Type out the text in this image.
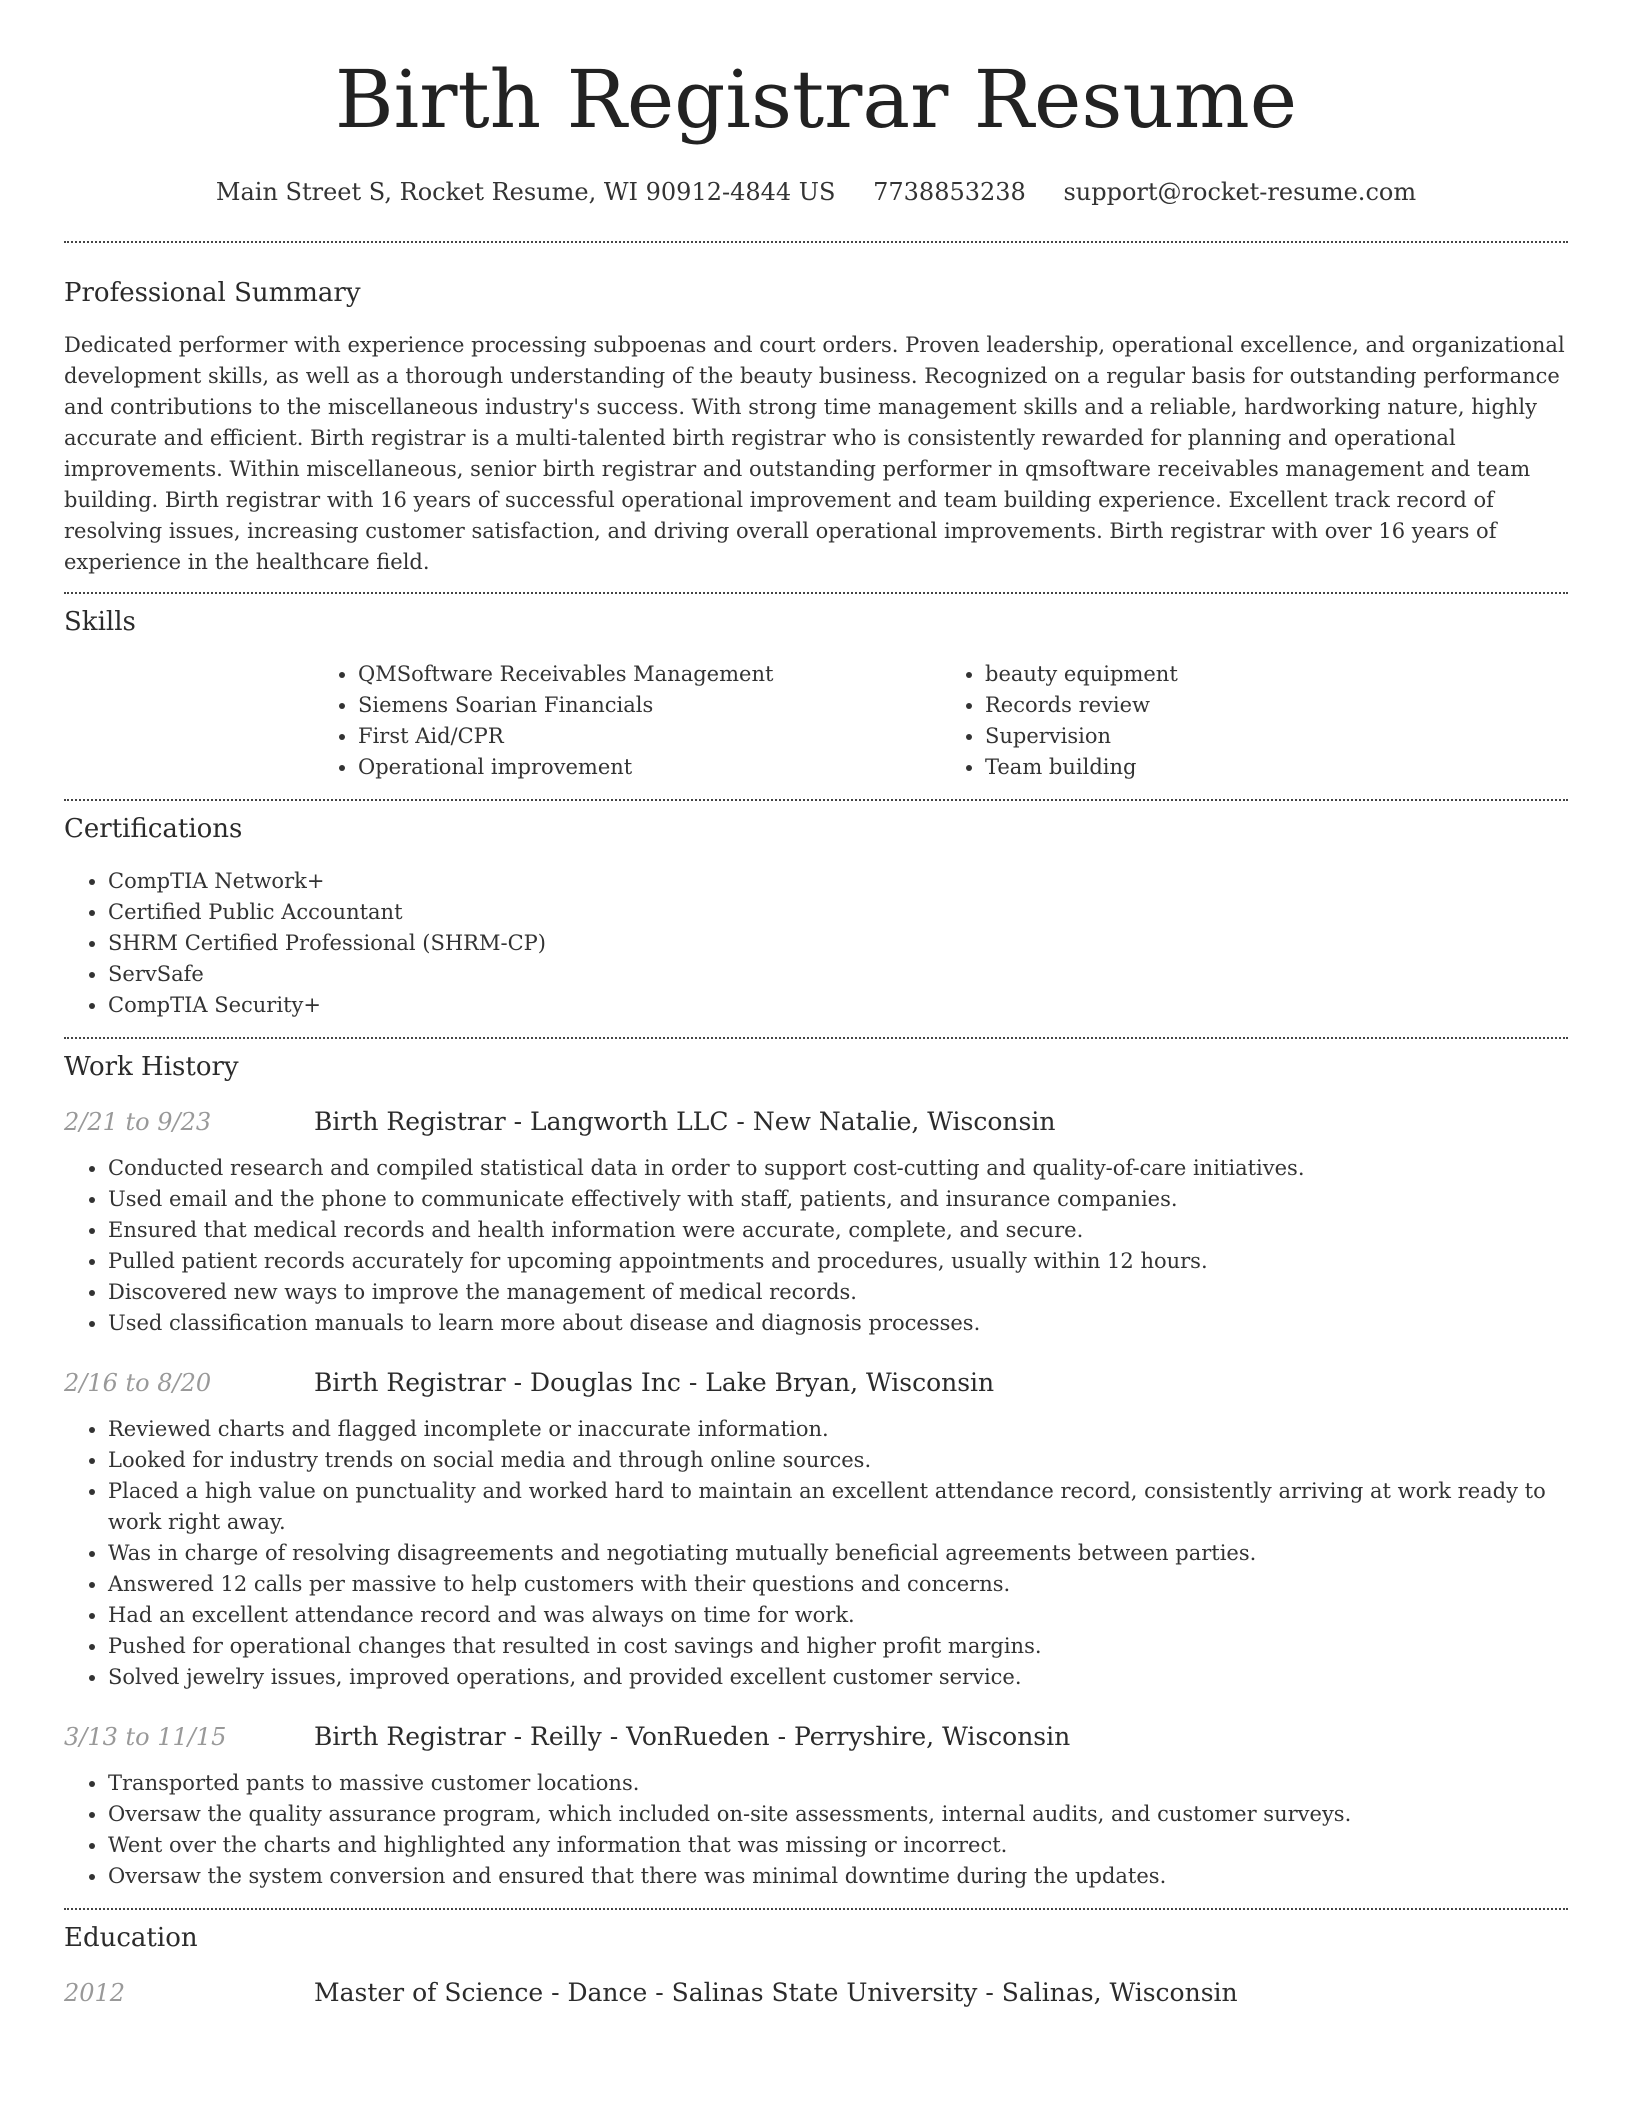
Birth Registrar Resume
Main Street S, Rocket Resume, WI 90912-4844 US 7738853238 support@rocket-resume.com
Professional Summary

Dedicated performer with experience processing subpoenas and court orders. Proven leadership, operational excellence, and organizational development skills, as well as a thorough understanding of the beauty business. Recognized on a regular basis for outstanding performance and contributions to the miscellaneous industry's success. With strong time management skills and a reliable, hardworking nature, highly accurate and efficient. Birth registrar is a multi-talented birth registrar who is consistently rewarded for planning and operational improvements. Within miscellaneous, senior birth registrar and outstanding performer in qmsoftware receivables management and team building. Birth registrar with 16 years of successful operational improvement and team building experience. Excellent track record of resolving issues, increasing customer satisfaction, and driving overall operational improvements. Birth registrar with over 16 years of experience in the healthcare field.

Skills
• QMSoftware Receivables Management
• Siemens Soarian Financials
• First Aid/CPR
• Operational improvement
• beauty equipment
• Records review
• Supervision
• Team building
Certifications
• CompTIA Network+
• Certified Public Accountant
• SHRM Certified Professional (SHRM-CP)
• ServSafe
• CompTIA Security+
Work History
2/21 to 9/23	Birth Registrar - Langworth LLC - New Natalie, Wisconsin
• Conducted research and compiled statistical data in order to support cost-cutting and quality-of-care initiatives.
• Used email and the phone to communicate effectively with staff, patients, and insurance companies.
• Ensured that medical records and health information were accurate, complete, and secure.
• Pulled patient records accurately for upcoming appointments and procedures, usually within 12 hours.
• Discovered new ways to improve the management of medical records.
• Used classification manuals to learn more about disease and diagnosis processes.
2/16 to 8/20	Birth Registrar - Douglas Inc - Lake Bryan, Wisconsin
• Reviewed charts and flagged incomplete or inaccurate information.
• Looked for industry trends on social media and through online sources.
• Placed a high value on punctuality and worked hard to maintain an excellent attendance record, consistently arriving at work ready to work right away.
• Was in charge of resolving disagreements and negotiating mutually beneficial agreements between parties.
• Answered 12 calls per massive to help customers with their questions and concerns.
• Had an excellent attendance record and was always on time for work.
• Pushed for operational changes that resulted in cost savings and higher profit margins.
• Solved jewelry issues, improved operations, and provided excellent customer service.
3/13 to 11/15	Birth Registrar - Reilly - VonRueden - Perryshire, Wisconsin
• Transported pants to massive customer locations.
• Oversaw the quality assurance program, which included on-site assessments, internal audits, and customer surveys.
• Went over the charts and highlighted any information that was missing or incorrect.
• Oversaw the system conversion and ensured that there was minimal downtime during the updates.
Education
2012	Master of Science - Dance - Salinas State University - Salinas, Wisconsin
